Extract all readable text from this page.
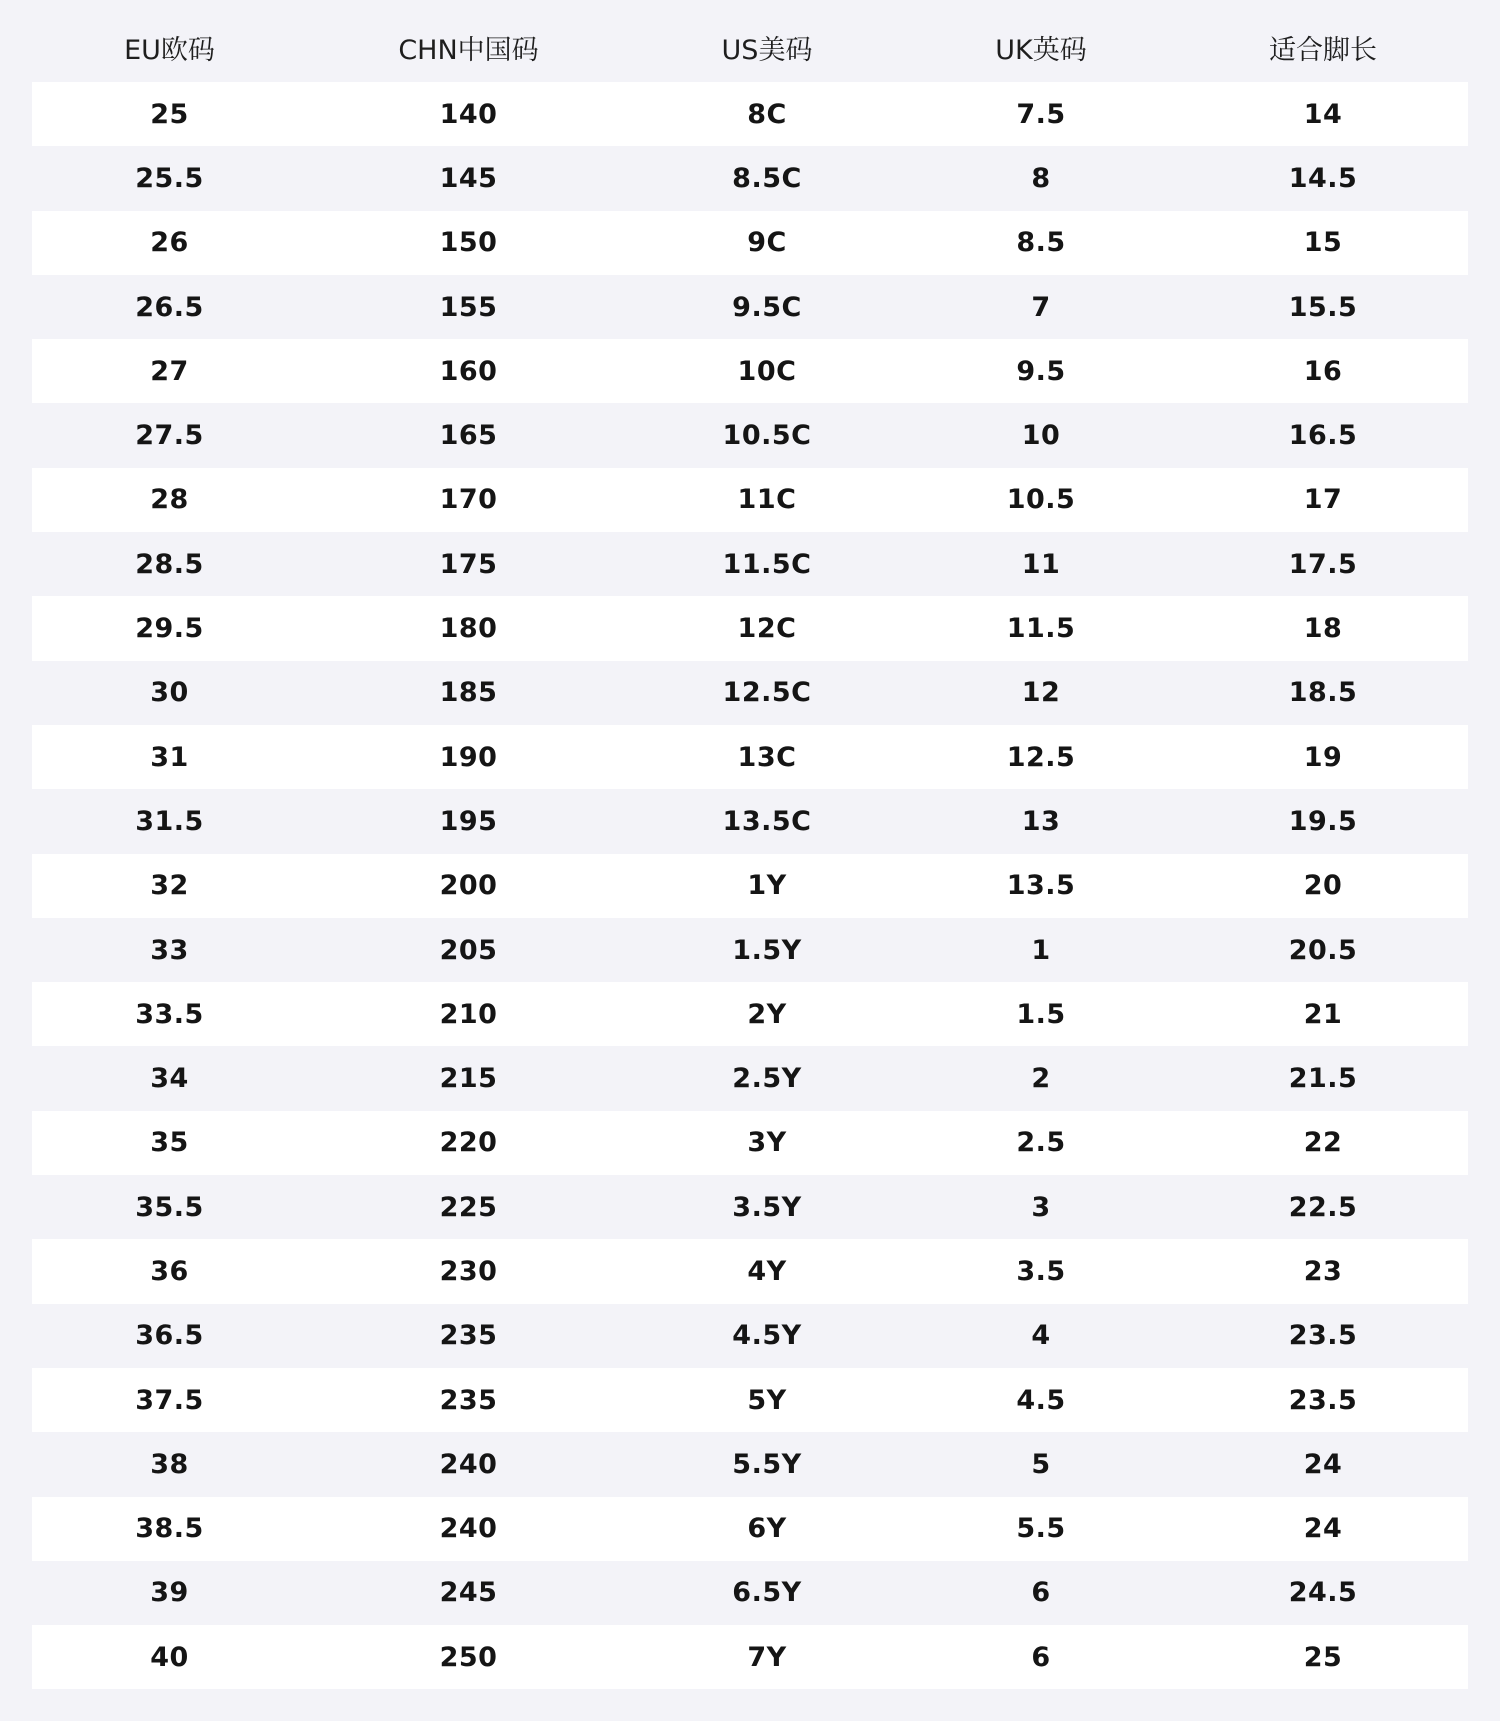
EU欧码	CHN中国码	US美码	UK英码	适合脚长
25	140	8C	7.5	14
25.5	145	8.5C	8	14.5
26	150	9C	8.5	15
26.5	155	9.5C	7	15.5
27	160	10C	9.5	16
27.5	165	10.5C	10	16.5
28	170	11C	10.5	17
28.5	175	11.5C	11	17.5
29.5	180	12C	11.5	18
30	185	12.5C	12	18.5
31	190	13C	12.5	19
31.5	195	13.5C	13	19.5
32	200	1Y	13.5	20
33	205	1.5Y	1	20.5
33.5	210	2Y	1.5	21
34	215	2.5Y	2	21.5
35	220	3Y	2.5	22
35.5	225	3.5Y	3	22.5
36	230	4Y	3.5	23
36.5	235	4.5Y	4	23.5
37.5	235	5Y	4.5	23.5
38	240	5.5Y	5	24
38.5	240	6Y	5.5	24
39	245	6.5Y	6	24.5
40	250	7Y	6	25
